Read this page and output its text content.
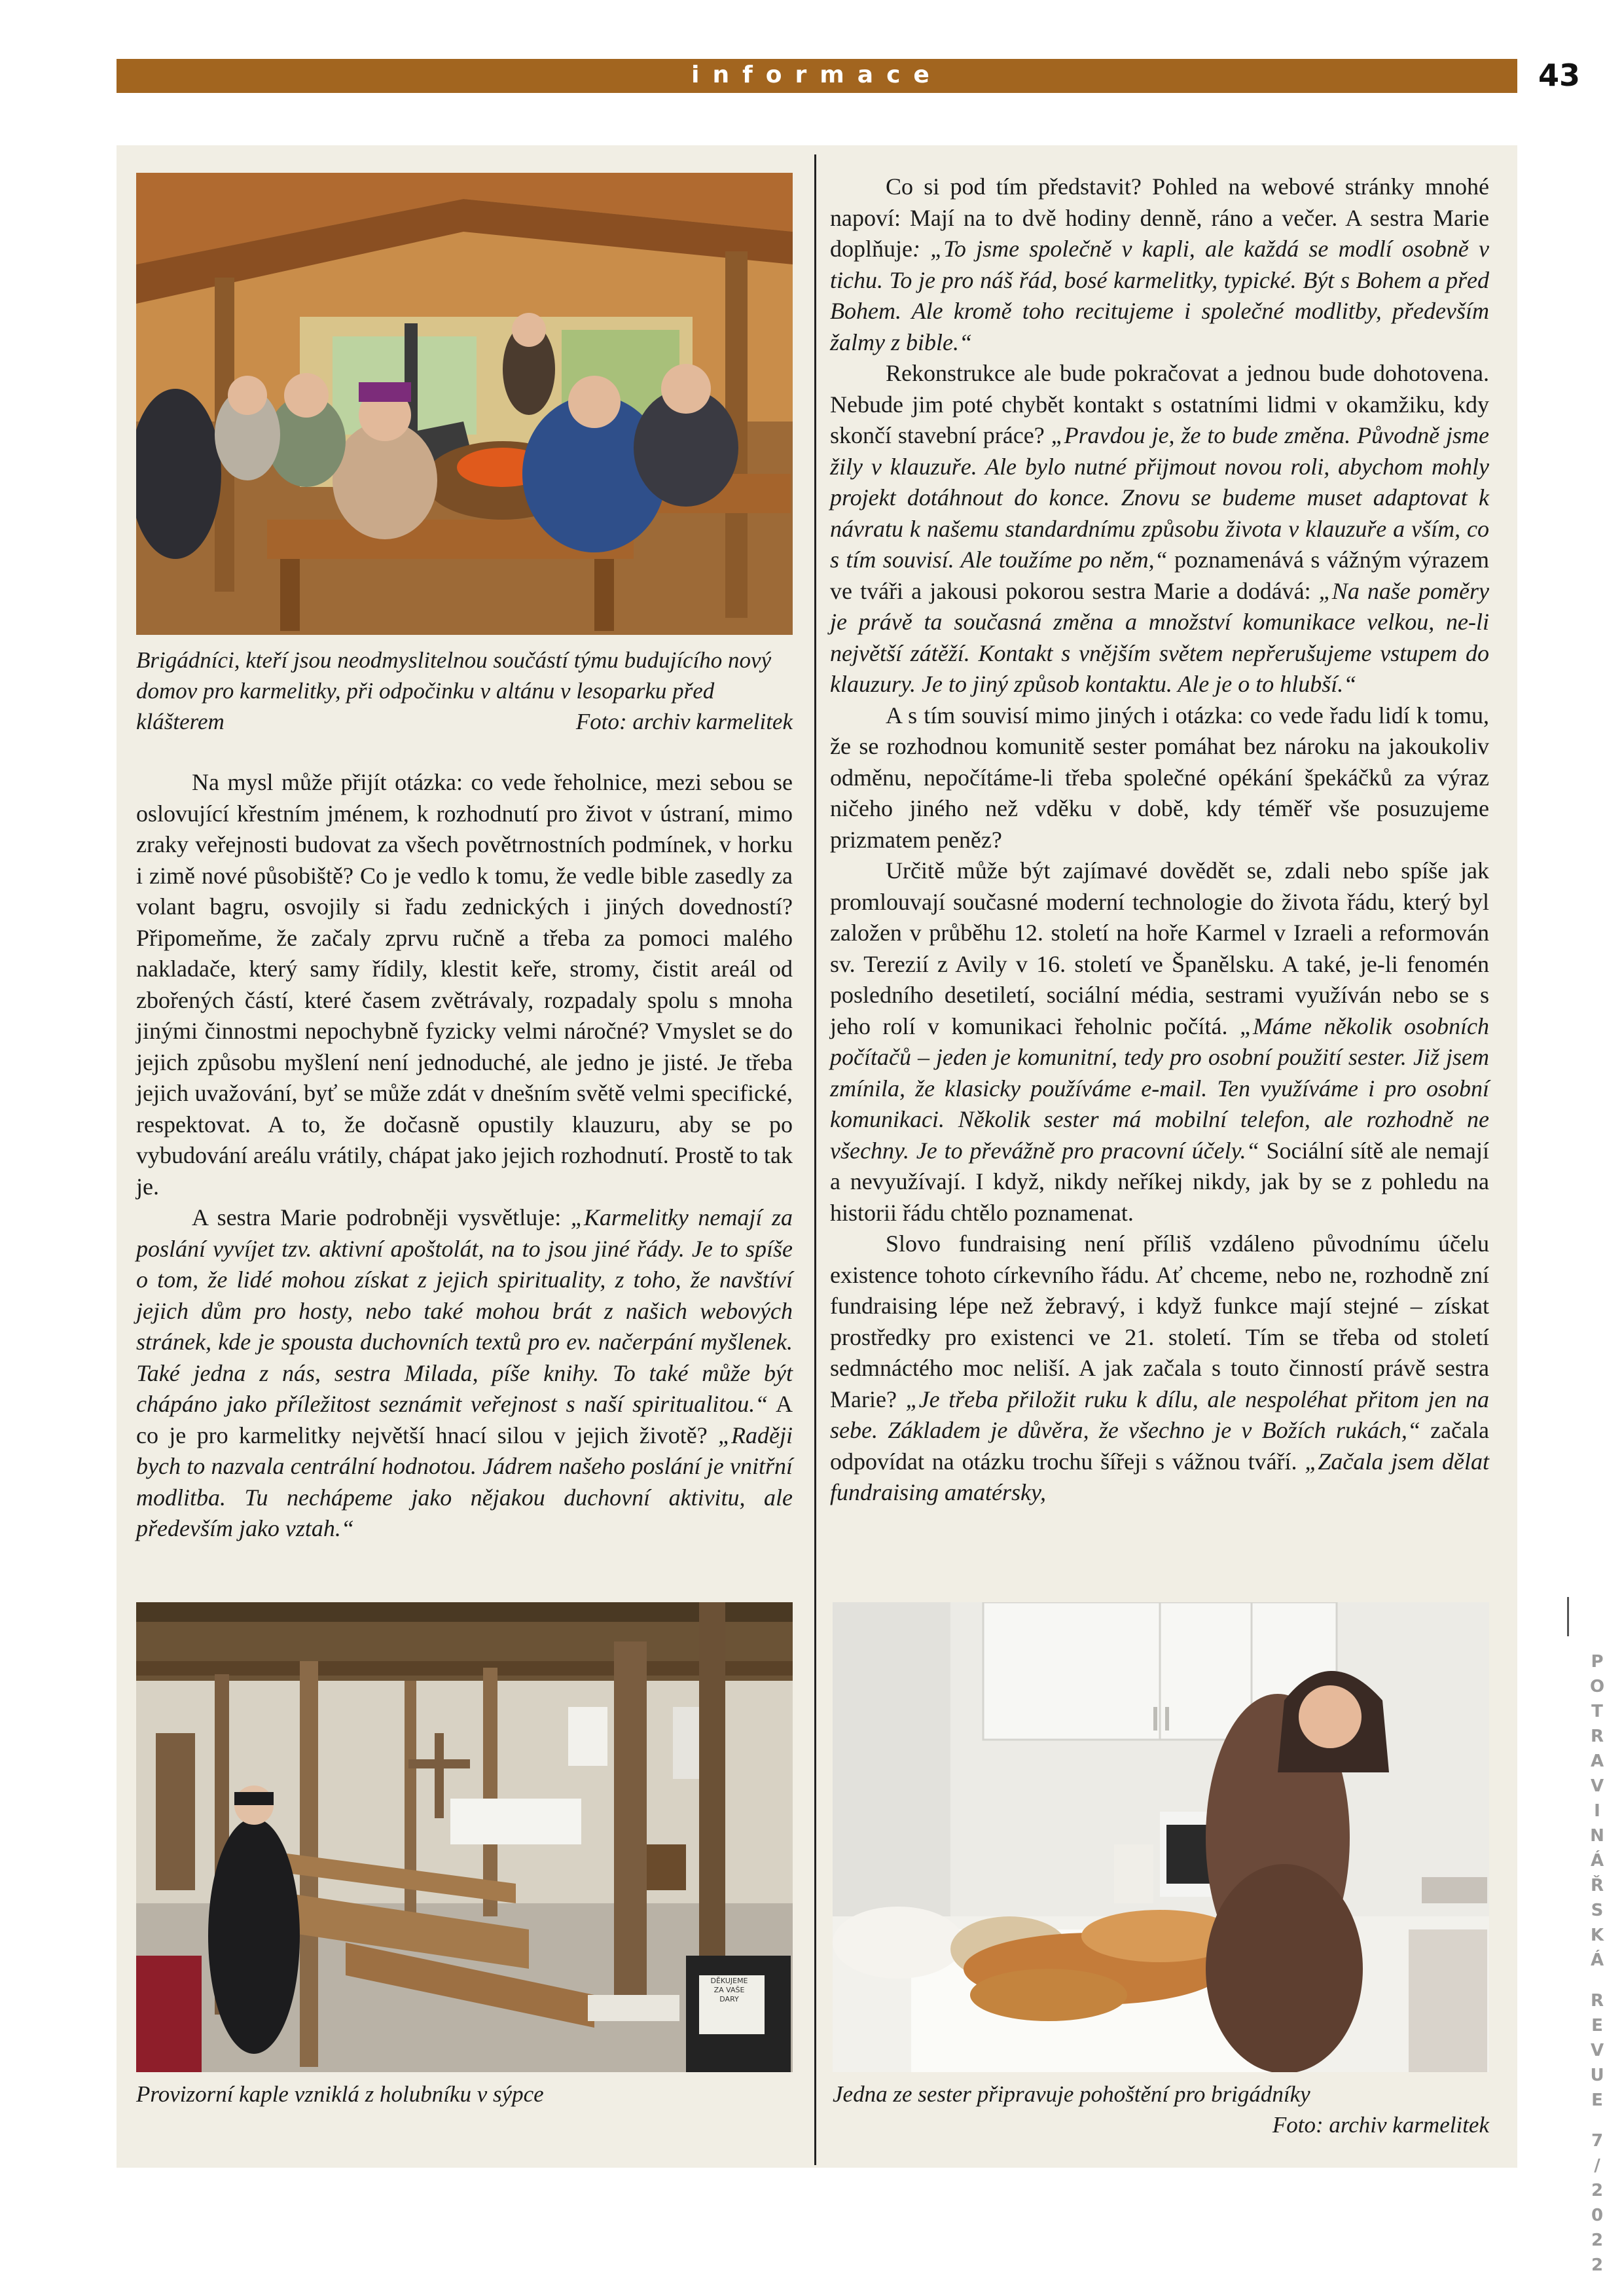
informace	43
Brigádníci, kteří jsou neodmyslitelnou součástí týmu budujícího nový domov pro karmelitky, při odpočinku v altánu v lesoparku před klášterem	Foto: archiv karmelitek

Na mysl může přijít otázka: co vede řeholnice, mezi sebou se oslovující křestním jménem, k rozhodnutí pro život v ústraní, mimo zraky veřejnosti budovat za všech povětrnostních podmínek, v horku i zimě nové působiště? Co je vedlo k tomu, že vedle bible zasedly za volant bagru, osvojily si řadu zednických i jiných dovedností? Připomeňme, že začaly zprvu ručně a třeba za pomoci malého nakladače, který samy řídily, klestit keře, stromy, čistit areál od zbořených částí, které časem zvětrávaly, rozpadaly spolu s mnoha jinými činnostmi nepochybně fyzicky velmi náročné? Vmyslet se do jejich způsobu myšlení není jednoduché, ale jedno je jisté. Je třeba jejich uvažování, byť se může zdát v dnešním světě velmi specifické, respektovat. A to, že dočasně opustily klauzuru, aby se po vybudování areálu vrátily, chápat jako jejich rozhodnutí. Prostě to tak je.

A sestra Marie podrobněji vysvětluje: „Karmelitky nemají za poslání vyvíjet tzv. aktivní apoštolát, na to jsou jiné řády. Je to spíše o tom, že lidé mohou získat z jejich spirituality, z toho, že navštíví jejich dům pro hosty, nebo také mohou brát z našich webových stránek, kde je spousta duchovních textů pro ev. načerpání myšlenek. Také jedna z nás, sestra Milada, píše knihy. To také může být chápáno jako příležitost seznámit veřejnost s naší spiritualitou.“ A co je pro karmelitky největší hnací silou v jejich životě? „Raději bych to nazvala centrální hodnotou. Jádrem našeho poslání je vnitřní modlitba. Tu nechápeme jako nějakou duchovní aktivitu, ale především jako vztah.“

Co si pod tím představit? Pohled na webové stránky mnohé napoví: Mají na to dvě hodiny denně, ráno a večer. A sestra Marie doplňuje: „To jsme společně v kapli, ale každá se modlí osobně v tichu. To je pro náš řád, bosé karmelitky, typické. Být s Bohem a před Bohem. Ale kromě toho recitujeme i společné modlitby, především žalmy z bible.“

Rekonstrukce ale bude pokračovat a jednou bude dohotovena. Nebude jim poté chybět kontakt s ostatními lidmi v okamžiku, kdy skončí stavební práce? „Pravdou je, že to bude změna. Původně jsme žily v klauzuře. Ale bylo nutné přijmout novou roli, abychom mohly projekt dotáhnout do konce. Znovu se budeme muset adaptovat k návratu k našemu standardnímu způsobu života v klauzuře a vším, co s tím souvisí. Ale toužíme po něm,“ poznamenává s vážným výrazem ve tváři a jakousi pokorou sestra Marie a dodává: „Na naše poměry je právě ta současná změna a množství komunikace velkou, ne-li největší zátěží. Kontakt s vnějším světem nepřerušujeme vstupem do klauzury. Je to jiný způsob kontaktu. Ale je o to hlubší.“

A s tím souvisí mimo jiných i otázka: co vede řadu lidí k tomu, že se rozhodnou komunitě sester pomáhat bez nároku na jakoukoliv odměnu, nepočítáme-li třeba společné opékání špekáčků za výraz ničeho jiného než vděku v době, kdy téměř vše posuzujeme prizmatem peněz?

Určitě může být zajímavé dovědět se, zdali nebo spíše jak promlouvají současné moderní technologie do života řádu, který byl založen v průběhu 12. století na hoře Karmel v Izraeli a reformován sv. Terezií z Avily v 16. století ve Španělsku. A také, je-li fenomén posledního desetiletí, sociální média, sestrami využíván nebo se s jeho rolí v komunikaci řeholnic počítá. „Máme několik osobních počítačů – jeden je komunitní, tedy pro osobní použití sester. Již jsem zmínila, že klasicky používáme e-mail. Ten využíváme i pro osobní komunikaci. Několik sester má mobilní telefon, ale rozhodně ne všechny. Je to převážně pro pracovní účely.“ Sociální sítě ale nemají a nevyužívají. I když, nikdy neříkej nikdy, jak by se z pohledu na historii řádu chtělo poznamenat.

Slovo fundraising není příliš vzdáleno původnímu účelu existence tohoto církevního řádu. Ať chceme, nebo ne, rozhodně zní fundraising lépe než žebravý, i když funkce mají stejné – získat prostředky pro existenci ve 21. století. Tím se třeba od století sedmnáctého moc neliší. A jak začala s touto činností právě sestra Marie? „Je třeba přiložit ruku k dílu, ale nespoléhat přitom jen na sebe. Základem je důvěra, že všechno je v Božích rukách,“ začala odpovídat na otázku trochu šířeji s vážnou tváří. „Začala jsem dělat fundraising amatérsky,

DĚKUJEME
ZA VAŠE
DARY
Provizorní kaple vzniklá z holubníku v sýpce	Jedna ze sester připravuje pohoštění pro brigádníky
Foto: archiv karmelitek
P
O
T
R
A
V
I
N
Á
Ř
S
K
Á

R
E
V
U
E

7
/
2
0
2
2
